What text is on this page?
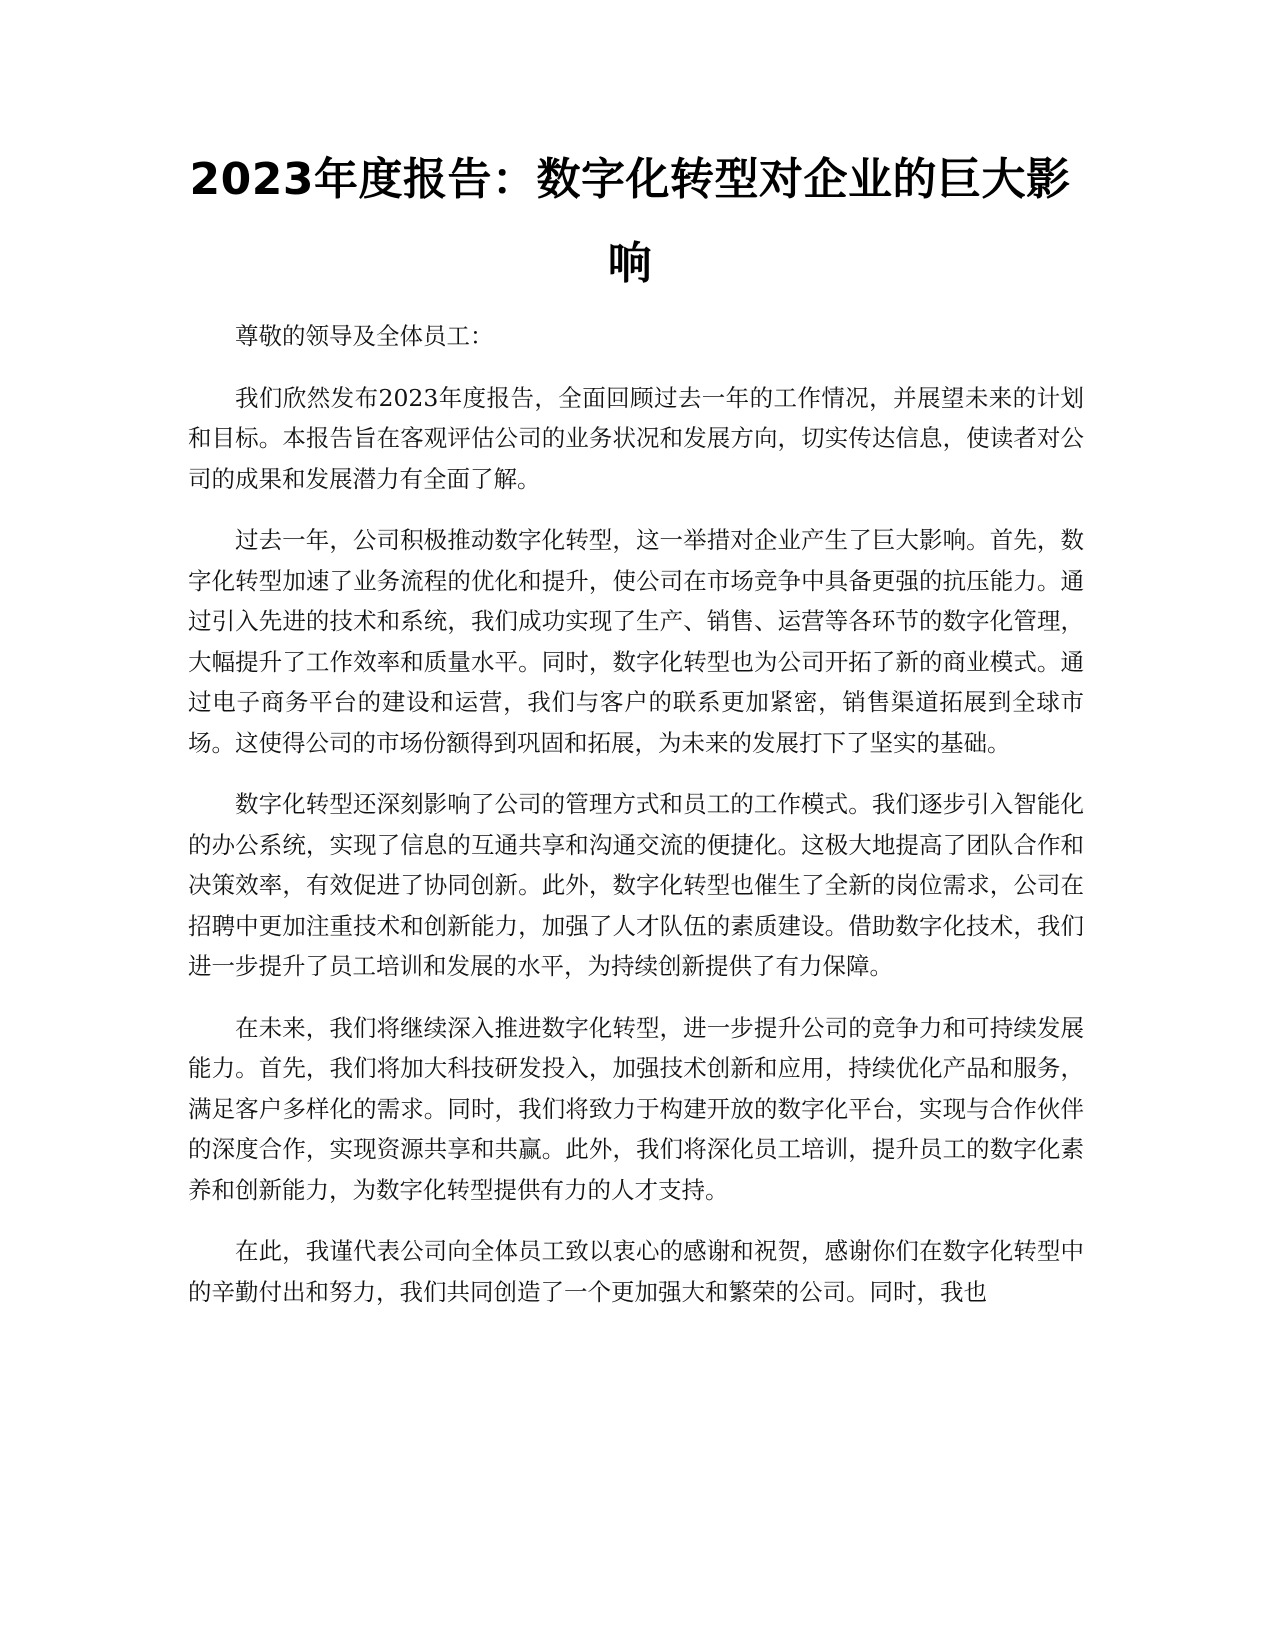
2023年度报告：数字化转型对企业的巨大影响

尊敬的领导及全体员工：

我们欣然发布2023年度报告，全面回顾过去一年的工作情况，并展望未来的计划和目标。本报告旨在客观评估公司的业务状况和发展方向，切实传达信息，使读者对公司的成果和发展潜力有全面了解。

过去一年，公司积极推动数字化转型，这一举措对企业产生了巨大影响。首先，数字化转型加速了业务流程的优化和提升，使公司在市场竞争中具备更强的抗压能力。通过引入先进的技术和系统，我们成功实现了生产、销售、运营等各环节的数字化管理，大幅提升了工作效率和质量水平。同时，数字化转型也为公司开拓了新的商业模式。通过电子商务平台的建设和运营，我们与客户的联系更加紧密，销售渠道拓展到全球市场。这使得公司的市场份额得到巩固和拓展，为未来的发展打下了坚实的基础。

数字化转型还深刻影响了公司的管理方式和员工的工作模式。我们逐步引入智能化的办公系统，实现了信息的互通共享和沟通交流的便捷化。这极大地提高了团队合作和决策效率，有效促进了协同创新。此外，数字化转型也催生了全新的岗位需求，公司在招聘中更加注重技术和创新能力，加强了人才队伍的素质建设。借助数字化技术，我们进一步提升了员工培训和发展的水平，为持续创新提供了有力保障。

在未来，我们将继续深入推进数字化转型，进一步提升公司的竞争力和可持续发展能力。首先，我们将加大科技研发投入，加强技术创新和应用，持续优化产品和服务，满足客户多样化的需求。同时，我们将致力于构建开放的数字化平台，实现与合作伙伴的深度合作，实现资源共享和共赢。此外，我们将深化员工培训，提升员工的数字化素养和创新能力，为数字化转型提供有力的人才支持。

在此，我谨代表公司向全体员工致以衷心的感谢和祝贺，感谢你们在数字化转型中的辛勤付出和努力，我们共同创造了一个更加强大和繁荣的公司。同时，我也
